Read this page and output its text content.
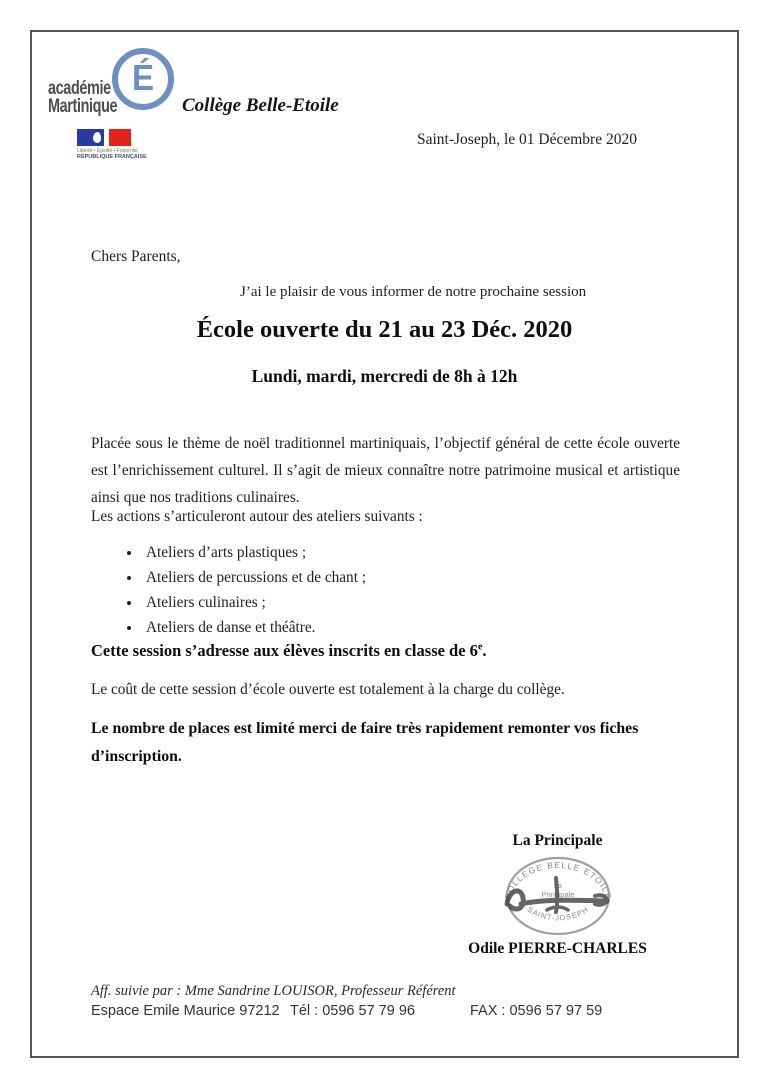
É
académie
Martinique
Liberté • Égalité • Fraternité
RÉPUBLIQUE FRANÇAISE
Collège Belle-Etoile
Saint-Joseph, le 01 Décembre 2020
Chers Parents,
J’ai le plaisir de vous informer de notre prochaine session
École ouverte du 21 au 23 Déc. 2020
Lundi, mardi, mercredi de 8h à 12h
Placée sous le thème de noël traditionnel martiniquais, l’objectif général de cette école ouverte est l’enrichissement culturel. Il s’agit de mieux connaître notre patrimoine musical et artistique ainsi que nos traditions culinaires.
Les actions s’articuleront autour des ateliers suivants :
• Ateliers d’arts plastiques ;
• Ateliers de percussions et de chant ;
• Ateliers culinaires ;
• Ateliers de danse et théâtre.
Cette session s’adresse aux élèves inscrits en classe de 6e.
Le coût de cette session d’école ouverte est totalement à la charge du collège.
Le nombre de places est limité merci de faire très rapidement remonter vos fiches d’inscription.
La Principale
COLLEGE BELLE ETOILE
SAINT-JOSEPH
La
Principale
Odile PIERRE-CHARLES
Aff. suivie par : Mme Sandrine LOUISOR, Professeur Référent
Espace Emile Maurice 97212 Tél : 0596 57 79 96	FAX : 0596 57 97 59
